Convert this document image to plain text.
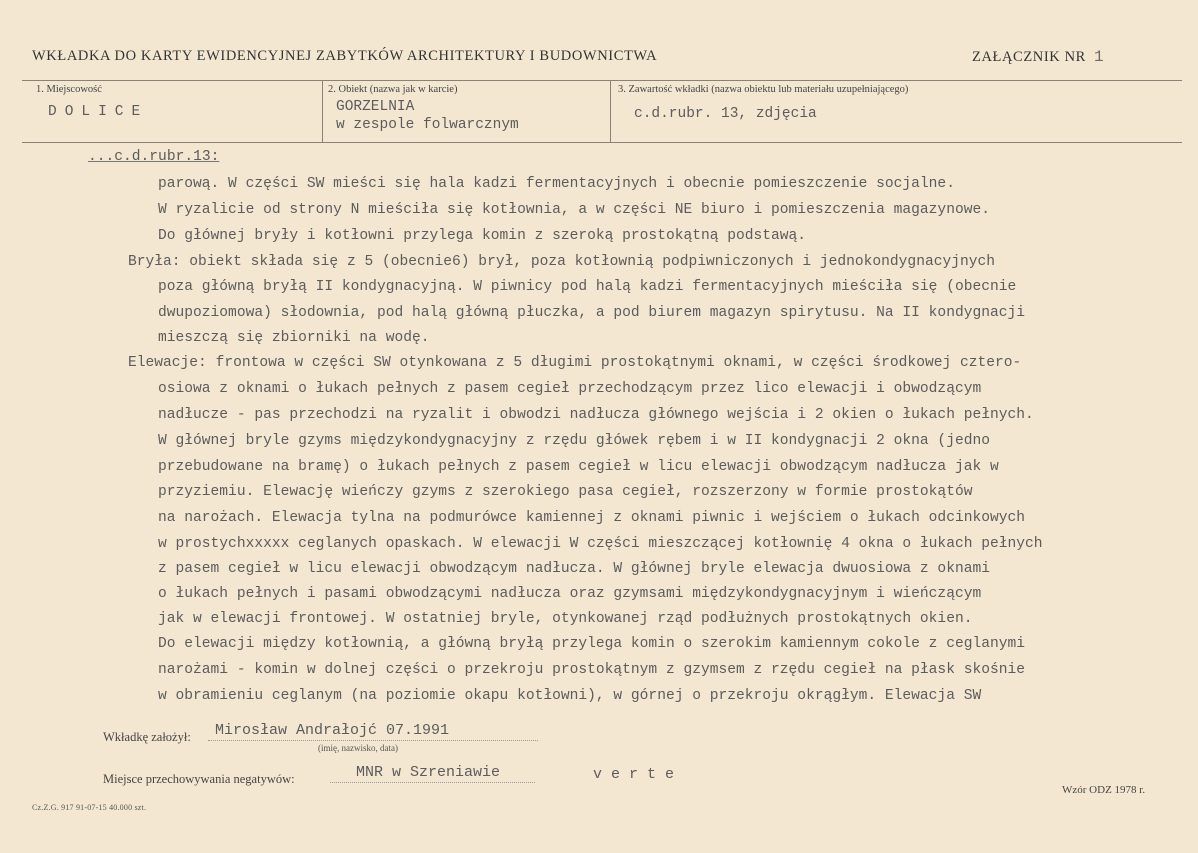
WKŁADKA DO KARTY EWIDENCYJNEJ ZABYTKÓW ARCHITEKTURY I BUDOWNICTWA	ZAŁĄCZNIK NR 1
1. Miejscowość
DOLICE
2. Obiekt (nazwa jak w karcie)
GORZELNIA
w zespole folwarcznym
3. Zawartość wkładki (nazwa obiektu lub materiału uzupełniającego)
c.d.rubr. 13, zdjęcia
...c.d.rubr.13:
parową. W części SW mieści się hala kadzi fermentacyjnych i obecnie pomieszczenie socjalne.
W ryzalicie od strony N mieściła się kotłownia, a w części NE biuro i pomieszczenia magazynowe.
Do głównej bryły i kotłowni przylega komin z szeroką prostokątną podstawą.
Bryła: obiekt składa się z 5 (obecnie6) brył, poza kotłownią podpiwniczonych i jednokondygnacyjnych
poza główną bryłą II kondygnacyjną. W piwnicy pod halą kadzi fermentacyjnych mieściła się (obecnie
dwupoziomowa) słodownia, pod halą główną płuczka, a pod biurem magazyn spirytusu. Na II kondygnacji
mieszczą się zbiorniki na wodę.
Elewacje: frontowa w części SW otynkowana z 5 długimi prostokątnymi oknami, w części środkowej cztero-
osiowa z oknami o łukach pełnych z pasem cegieł przechodzącym przez lico elewacji i obwodzącym
nadłucze - pas przechodzi na ryzalit i obwodzi nadłucza głównego wejścia i 2 okien o łukach pełnych.
W głównej bryle gzyms międzykondygnacyjny z rzędu główek rębem i w II kondygnacji 2 okna (jedno
przebudowane na bramę) o łukach pełnych z pasem cegieł w licu elewacji obwodzącym nadłucza jak w
przyziemiu. Elewację wieńczy gzyms z szerokiego pasa cegieł, rozszerzony w formie prostokątów
na narożach. Elewacja tylna na podmurówce kamiennej z oknami piwnic i wejściem o łukach odcinkowych
w prostychxxxxx ceglanych opaskach. W elewacji W części mieszczącej kotłownię 4 okna o łukach pełnych
z pasem cegieł w licu elewacji obwodzącym nadłucza. W głównej bryle elewacja dwuosiowa z oknami
o łukach pełnych i pasami obwodzącymi nadłucza oraz gzymsami międzykondygnacyjnym i wieńczącym
jak w elewacji frontowej. W ostatniej bryle, otynkowanej rząd podłużnych prostokątnych okien.
Do elewacji między kotłownią, a główną bryłą przylega komin o szerokim kamiennym cokole z ceglanymi
narożami - komin w dolnej części o przekroju prostokątnym z gzymsem z rzędu cegieł na płask skośnie
w obramieniu ceglanym (na poziomie okapu kotłowni), w górnej o przekroju okrągłym. Elewacja SW
Wkładkę założył: Mirosław Andrałojć 07.1991
(imię, nazwisko, data)
Miejsce przechowywania negatywów:	MNR w Szreniawie	v e r t e
Cz.Z.G. 917 91-07-15 40.000 szt.
Wzór ODZ 1978 r.
